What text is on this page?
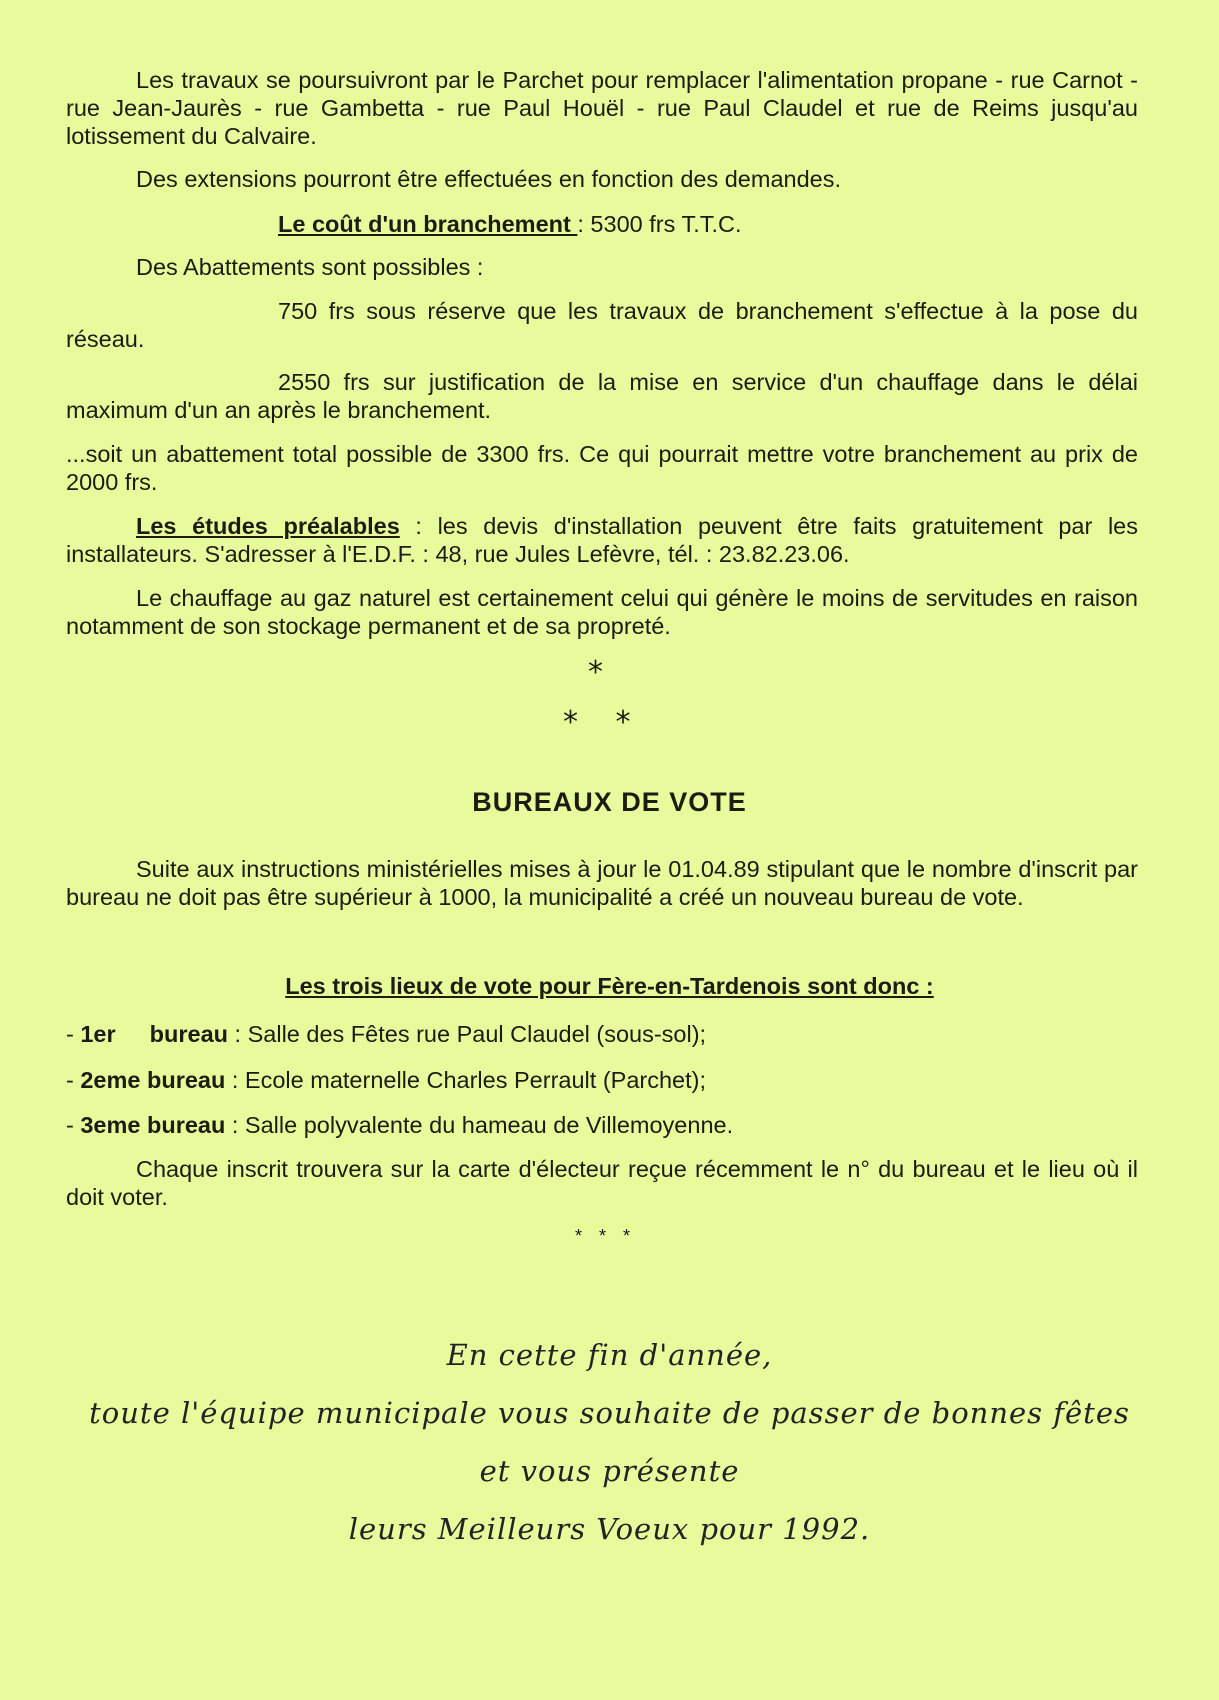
Les travaux se poursuivront par le Parchet pour remplacer l'alimentation propane - rue Carnot - rue Jean-Jaurès - rue Gambetta - rue Paul Houël - rue Paul Claudel et rue de Reims jusqu'au lotissement du Calvaire.

Des extensions pourront être effectuées en fonction des demandes.

Le coût d'un branchement : 5300 frs T.T.C.

Des Abattements sont possibles :

750 frs sous réserve que les travaux de branchement s'effectue à la pose du réseau.

2550 frs sur justification de la mise en service d'un chauffage dans le délai maximum d'un an après le branchement.

...soit un abattement total possible de 3300 frs. Ce qui pourrait mettre votre branchement au prix de 2000 frs.

Les études préalables : les devis d'installation peuvent être faits gratuitement par les installateurs. S'adresser à l'E.D.F. : 48, rue Jules Lefèvre, tél. : 23.82.23.06.

Le chauffage au gaz naturel est certainement celui qui génère le moins de servitudes en raison notamment de son stockage permanent et de sa propreté.

*
* *
BUREAUX DE VOTE

Suite aux instructions ministérielles mises à jour le 01.04.89 stipulant que le nombre d'inscrit par bureau ne doit pas être supérieur à 1000, la municipalité a créé un nouveau bureau de vote.

Les trois lieux de vote pour Fère-en-Tardenois sont donc :
- 1er bureau : Salle des Fêtes rue Paul Claudel (sous-sol);
- 2eme bureau : Ecole maternelle Charles Perrault (Parchet);
- 3eme bureau : Salle polyvalente du hameau de Villemoyenne.

Chaque inscrit trouvera sur la carte d'électeur reçue récemment le n° du bureau et le lieu où il doit voter.

* * *
En cette fin d'année,
toute l'équipe municipale vous souhaite de passer de bonnes fêtes
et vous présente
leurs Meilleurs Voeux pour 1992.
